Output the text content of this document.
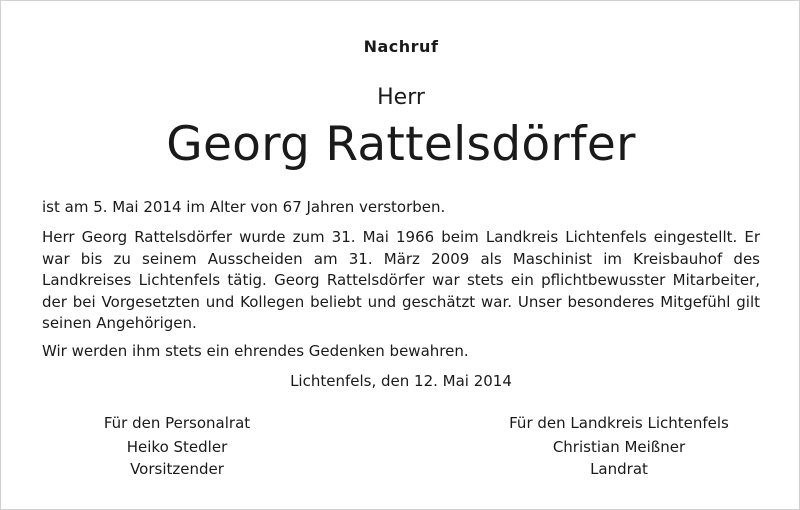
Nachruf
Herr
Georg Rattelsdörfer
ist am 5. Mai 2014 im Alter von 67 Jahren verstorben.
Herr Georg Rattelsdörfer wurde zum 31. Mai 1966 beim Landkreis Lichtenfels eingestellt. Er war bis zu seinem Ausscheiden am 31. März 2009 als Maschinist im Kreisbauhof des Landkreises Lichtenfels tätig. Georg Rattelsdörfer war stets ein pflichtbewusster Mitarbeiter, der bei Vorgesetzten und Kollegen beliebt und geschätzt war. Unser besonderes Mitgefühl gilt seinen Angehörigen.
Wir werden ihm stets ein ehrendes Gedenken bewahren.
Lichtenfels, den 12. Mai 2014
Für den Personalrat
Heiko Stedler
Vorsitzender
Für den Landkreis Lichtenfels
Christian Meißner
Landrat
